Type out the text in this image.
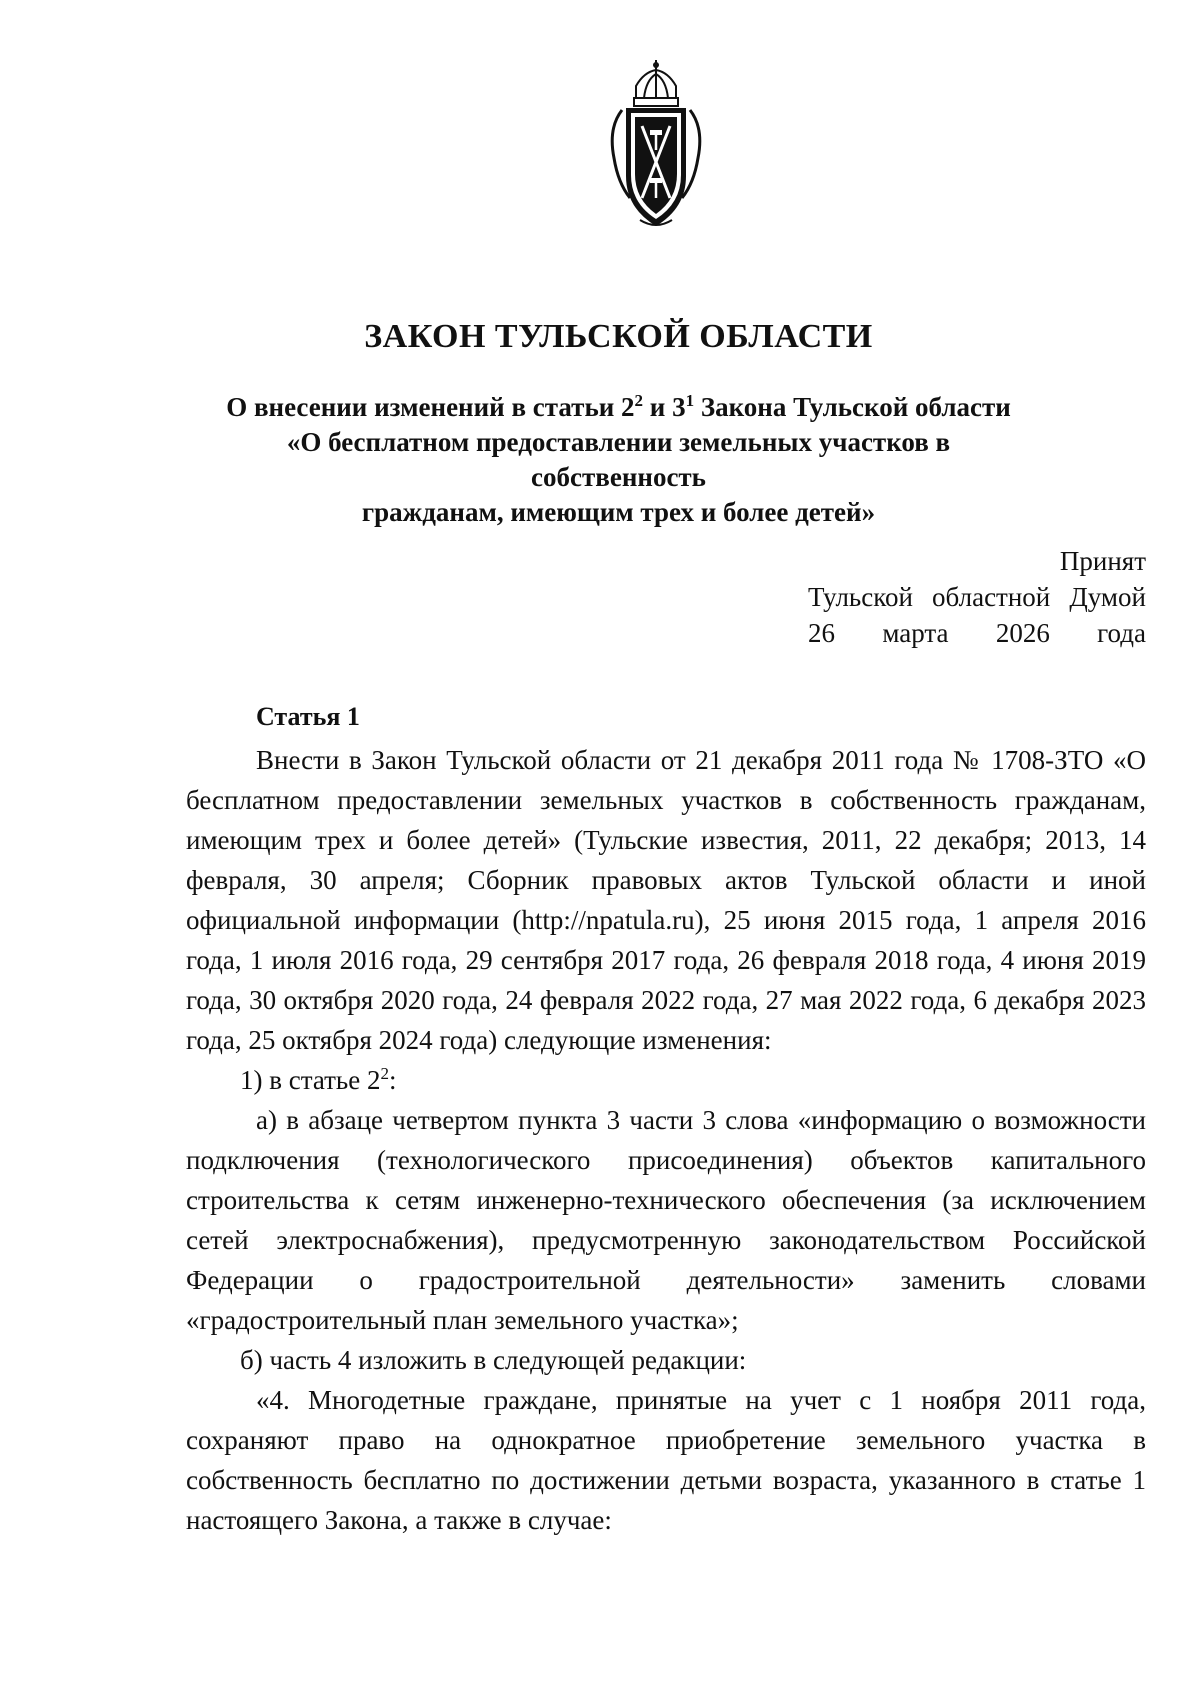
ЗАКОН ТУЛЬСКОЙ ОБЛАСТИ
О внесении изменений в статьи $2^2$ и $3^1$ Закона Тульской области
«О бесплатном предоставлении земельных участков в собственность
гражданам, имеющим трех и более детей»
Принят
Тульской областной Думой
26 марта 2026 года
Статья 1

Внести в Закон Тульской области от 21 декабря 2011 года № 1708-ЗТО «О бесплатном предоставлении земельных участков в собственность гражданам, имеющим трех и более детей» (Тульские известия, 2011, 22 декабря; 2013, 14 февраля, 30 апреля; Сборник правовых актов Тульской области и иной официальной информации (http://npatula.ru), 25 июня 2015 года, 1 апреля 2016 года, 1 июля 2016 года, 29 сентября 2017 года, 26 февраля 2018 года, 4 июня 2019 года, 30 октября 2020 года, 24 февраля 2022 года, 27 мая 2022 года, 6 декабря 2023 года, 25 октября 2024 года) следующие изменения:

1) в статье $2^2$:

а) в абзаце четвертом пункта 3 части 3 слова «информацию о возможности подключения (технологического присоединения) объектов капитального строительства к сетям инженерно-технического обеспечения (за исключением сетей электроснабжения), предусмотренную законодательством Российской Федерации о градостроительной деятельности» заменить словами «градостроительный план земельного участка»;

б) часть 4 изложить в следующей редакции:

«4. Многодетные граждане, принятые на учет с 1 ноября 2011 года, сохраняют право на однократное приобретение земельного участка в собственность бесплатно по достижении детьми возраста, указанного в статье 1 настоящего Закона, а также в случае:
